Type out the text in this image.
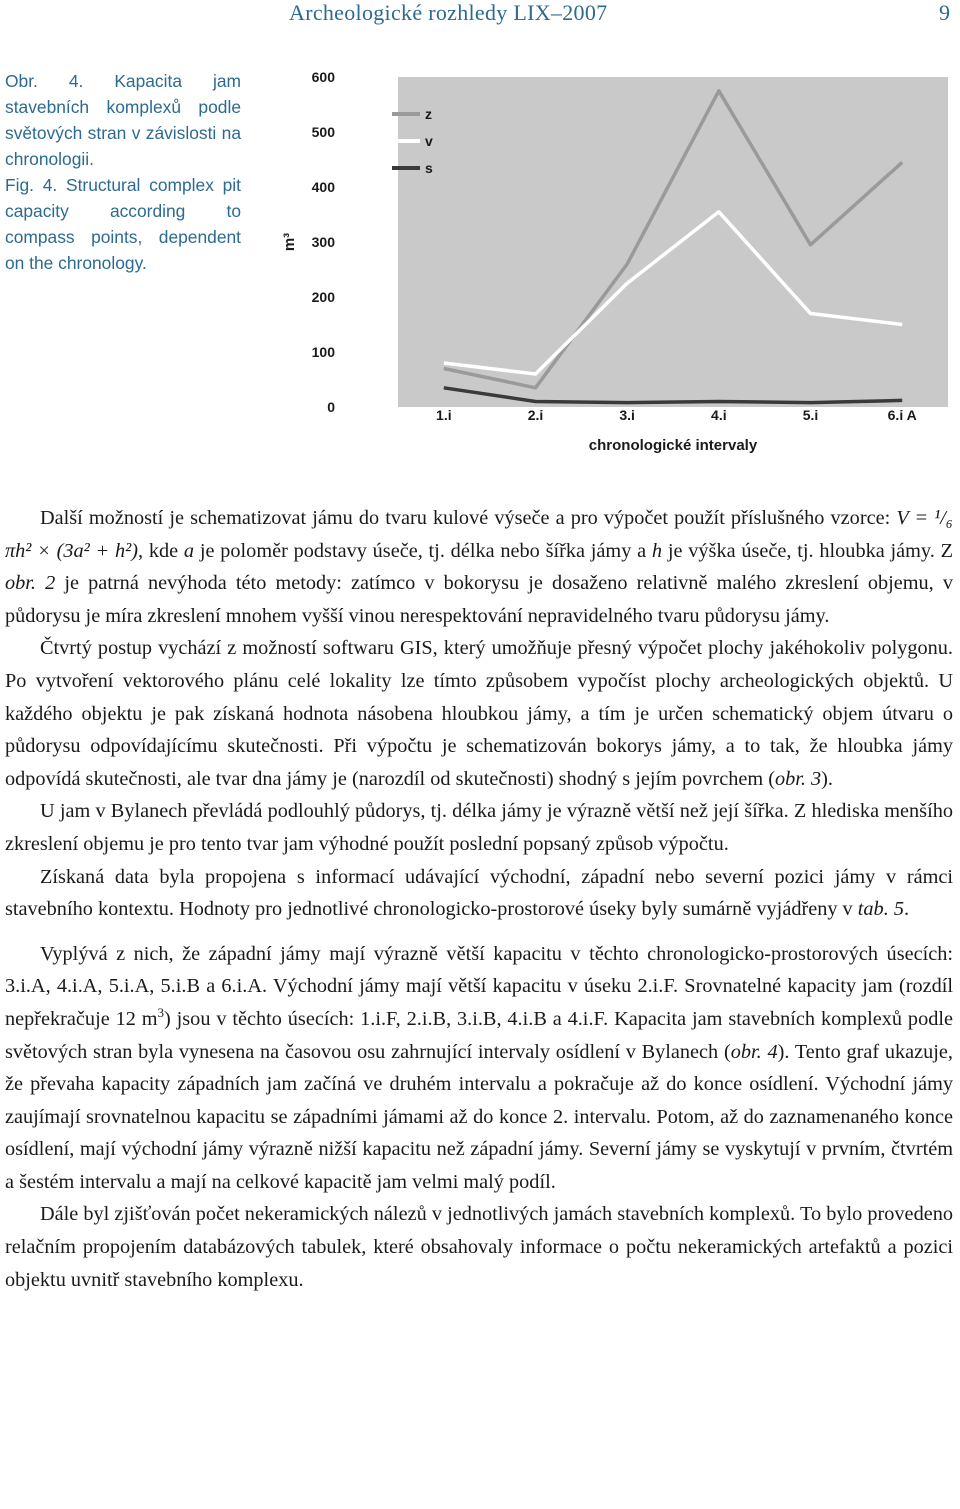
Archeologické rozhledy LIX–2007	9

Obr. 4. Kapacita jam stavebních komplexů podle světových stran v závislosti na chronologii.

Fig. 4. Structural complex pit capacity according to compass points, dependent on the chronology.

0
100
200
300
400
500
600
1.i	2.i	3.i	4.i	5.i	6.i A
z
v
s
m³
chronologické intervaly

Další možností je schematizovat jámu do tvaru kulové výseče a pro výpočet použít příslušného vzorce: V = ¹/₆ πh² × (3a² + h²), kde a je poloměr podstavy úseče, tj. délka nebo šířka jámy a h je výška úseče, tj. hloubka jámy. Z obr. 2 je patrná nevýhoda této metody: zatímco v bokorysu je dosaženo relativně malého zkreslení objemu, v půdorysu je míra zkreslení mnohem vyšší vinou nerespektování nepravidelného tvaru půdorysu jámy.

Čtvrtý postup vychází z možností softwaru GIS, který umožňuje přesný výpočet plochy jakéhokoliv polygonu. Po vytvoření vektorového plánu celé lokality lze tímto způsobem vypočíst plochy archeologických objektů. U každého objektu je pak získaná hodnota násobena hloubkou jámy, a tím je určen schematický objem útvaru o půdorysu odpovídajícímu skutečnosti. Při výpočtu je schematizován bokorys jámy, a to tak, že hloubka jámy odpovídá skutečnosti, ale tvar dna jámy je (narozdíl od skutečnosti) shodný s jejím povrchem (obr. 3).

U jam v Bylanech převládá podlouhlý půdorys, tj. délka jámy je výrazně větší než její šířka. Z hlediska menšího zkreslení objemu je pro tento tvar jam výhodné použít poslední popsaný způsob výpočtu.

Získaná data byla propojena s informací udávající východní, západní nebo severní pozici jámy v rámci stavebního kontextu. Hodnoty pro jednotlivé chronologicko-prostorové úseky byly sumárně vyjádřeny v tab. 5.

Vyplývá z nich, že západní jámy mají výrazně větší kapacitu v těchto chronologicko-prostorových úsecích: 3.i.A, 4.i.A, 5.i.A, 5.i.B a 6.i.A. Východní jámy mají větší kapacitu v úseku 2.i.F. Srovnatelné kapacity jam (rozdíl nepřekračuje 12 $m^3$) jsou v těchto úsecích: 1.i.F, 2.i.B, 3.i.B, 4.i.B a 4.i.F. Kapacita jam stavebních komplexů podle světových stran byla vynesena na časovou osu zahrnující intervaly osídlení v Bylanech (obr. 4). Tento graf ukazuje, že převaha kapacity západních jam začíná ve druhém intervalu a pokračuje až do konce osídlení. Východní jámy zaujímají srovnatelnou kapacitu se západními jámami až do konce 2. intervalu. Potom, až do zaznamenaného konce osídlení, mají východní jámy výrazně nižší kapacitu než západní jámy. Severní jámy se vyskytují v prvním, čtvrtém a šestém intervalu a mají na celkové kapacitě jam velmi malý podíl.

Dále byl zjišťován počet nekeramických nálezů v jednotlivých jamách stavebních komplexů. To bylo provedeno relačním propojením databázových tabulek, které obsahovaly informace o počtu nekeramických artefaktů a pozici objektu uvnitř stavebního komplexu.
